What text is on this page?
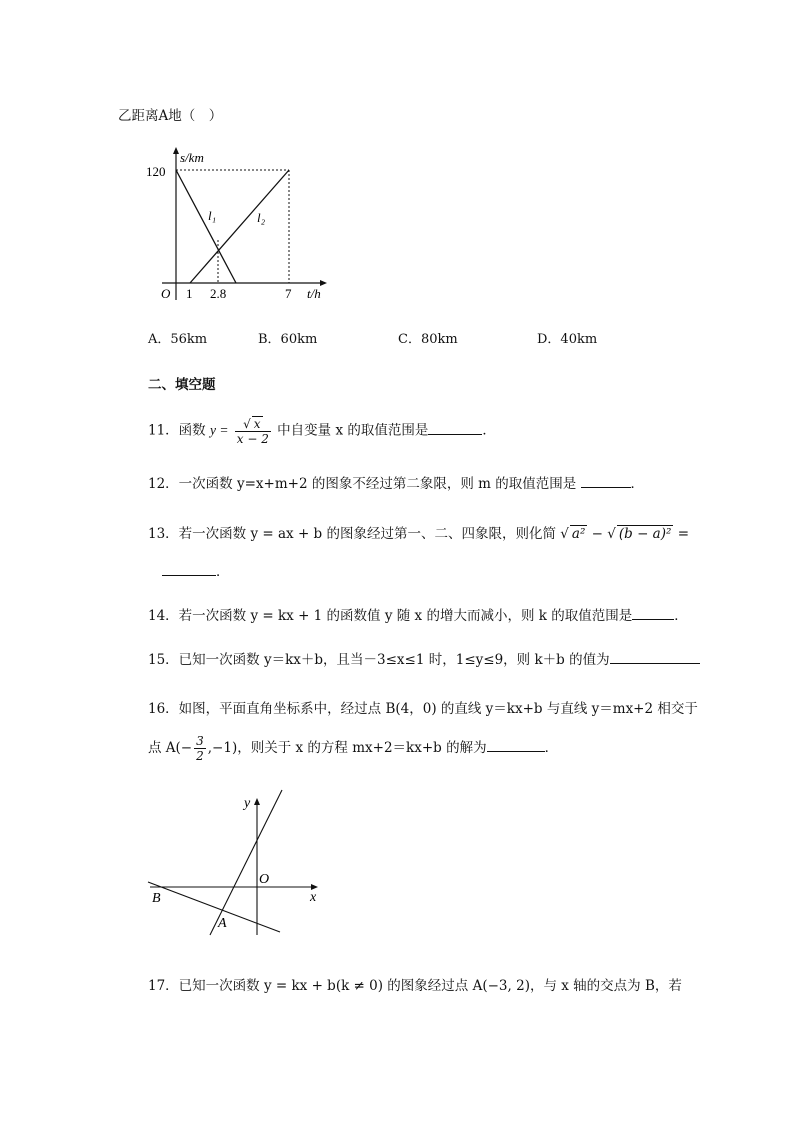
乙距离A地（　）
s/km
120
O 1 2.8	7 t/h
l₁	l₂
A．56km	B．60km	C．80km	D．40km
二、填空题
11．函数 $y = \frac{√ x}{x - 2}$ 中自变量 x 的取值范围是	．
12．一次函数 y=x+m+2 的图象不经过第二象限，则 m 的取值范围是	．
13．若一次函数 y = ax + b 的图象经过第一、二、四象限，则化简 √ a² − √ (b − a)² =
．
14．若一次函数 y = kx + 1 的函数值 y 随 x 的增大而减小，则 k 的取值范围是	．
15．已知一次函数 y＝kx＋b，且当－3≤x≤1 时，1≤y≤9，则 k＋b 的值为
16．如图，平面直角坐标系中，经过点 B(4，0) 的直线 y＝kx+b 与直线 y＝mx+2 相交于
点 $A(- \frac{3}{2} ,-1)$，则关于 x 的方程 mx+2＝kx+b 的解为	．
y
x
O
B
A
17．已知一次函数 y = kx + b(k ≠ 0) 的图象经过点 A(−3, 2)，与 x 轴的交点为 B，若
